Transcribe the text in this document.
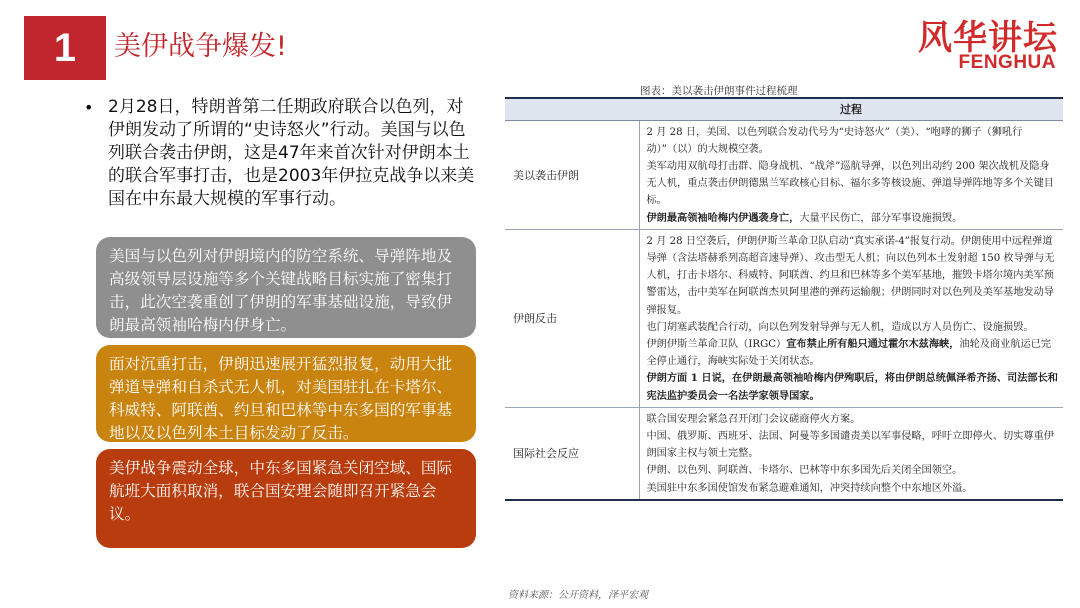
1	美伊战争爆发!	风华讲坛
FENGHUA
• 2月28日，特朗普第二任期政府联合以色列，对伊朗发动了所谓的“史诗怒火”行动。美国与以色列联合袭击伊朗，这是47年来首次针对伊朗本土的联合军事打击，也是2003年伊拉克战争以来美国在中东最大规模的军事行动。
美国与以色列对伊朗境内的防空系统、导弹阵地及高级领导层设施等多个关键战略目标实施了密集打击，此次空袭重创了伊朗的军事基础设施，导致伊朗最高领袖哈梅内伊身亡。
面对沉重打击，伊朗迅速展开猛烈报复，动用大批弹道导弹和自杀式无人机，对美国驻扎在卡塔尔、科威特、阿联酋、约旦和巴林等中东多国的军事基地以及以色列本土目标发动了反击。
美伊战争震动全球，中东多国紧急关闭空域、国际航班大面积取消，联合国安理会随即召开紧急会议。
图表：美以袭击伊朗事件过程梳理
	过程
美以袭击伊朗	2 月 28 日，美国、以色列联合发动代号为“史诗怒火”（美）、“咆哮的狮子（狮吼行动）”（以）的大规模空袭。

美军动用双航母打击群、隐身战机、“战斧”巡航导弹，以色列出动约 200 架次战机及隐身无人机，重点袭击伊朗德黑兰军政核心目标、福尔多等核设施、弹道导弹阵地等多个关键目标。

伊朗最高领袖哈梅内伊遇袭身亡，大量平民伤亡，部分军事设施损毁。

伊朗反击	2 月 28 日空袭后，伊朗伊斯兰革命卫队启动“真实承诺-4”报复行动。伊朗使用中远程弹道导弹（含法塔赫系列高超音速导弹）、攻击型无人机；向以色列本土发射超 150 枚导弹与无人机，打击卡塔尔、科威特、阿联酋、约旦和巴林等多个美军基地，摧毁卡塔尔境内美军预警雷达，击中美军在阿联酋杰贝阿里港的弹药运输舰；伊朗同时对以色列及美军基地发动导弹报复。

也门胡塞武装配合行动，向以色列发射导弹与无人机，造成以方人员伤亡、设施损毁。

伊朗伊斯兰革命卫队（IRGC）宣布禁止所有船只通过霍尔木兹海峡，油轮及商业航运已完全停止通行，海峡实际处于关闭状态。

伊朗方面 1 日说，在伊朗最高领袖哈梅内伊殉职后，将由伊朗总统佩泽希齐扬、司法部长和宪法监护委员会一名法学家领导国家。

国际社会反应	联合国安理会紧急召开闭门会议磋商停火方案。

中国、俄罗斯、西班牙、法国、阿曼等多国谴责美以军事侵略，呼吁立即停火、切实尊重伊朗国家主权与领土完整。

伊朗、以色列、阿联酋、卡塔尔、巴林等中东多国先后关闭全国领空。

美国驻中东多国使馆发布紧急避难通知，冲突持续向整个中东地区外溢。

资料来源：公开资料，泽平宏观
